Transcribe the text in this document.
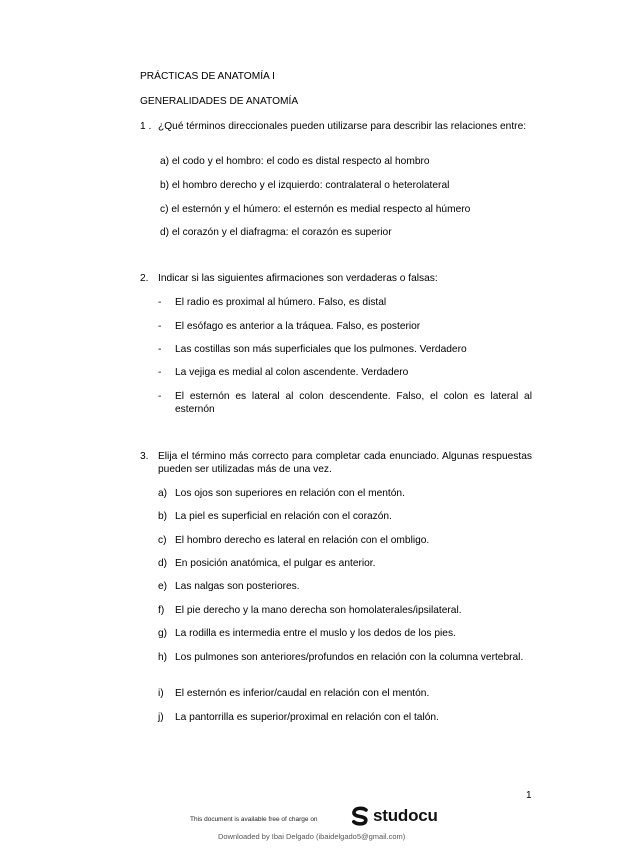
PRÁCTICAS DE ANATOMÍA I
GENERALIDADES DE ANATOMÍA
1 . ¿Qué términos direccionales pueden utilizarse para describir las relaciones entre:
a) el codo y el hombro: el codo es distal respecto al hombro
b) el hombro derecho y el izquierdo: contralateral o heterolateral
c) el esternón y el húmero: el esternón es medial respecto al húmero
d) el corazón y el diafragma: el corazón es superior
2. Indicar si las siguientes afirmaciones son verdaderas o falsas:
- El radio es proximal al húmero. Falso, es distal
- El esófago es anterior a la tráquea. Falso, es posterior
- Las costillas son más superficiales que los pulmones. Verdadero
- La vejiga es medial al colon ascendente. Verdadero
- El esternón es lateral al colon descendente. Falso, el colon es lateral al esternón
3. Elija el término más correcto para completar cada enunciado. Algunas respuestas pueden ser utilizadas más de una vez.
a) Los ojos son superiores en relación con el mentón.
b) La piel es superficial en relación con el corazón.
c) El hombro derecho es lateral en relación con el ombligo.
d) En posición anatómica, el pulgar es anterior.
e) Las nalgas son posteriores.
f) El pie derecho y la mano derecha son homolaterales/ipsilateral.
g) La rodilla es intermedia entre el muslo y los dedos de los pies.
h) Los pulmones son anteriores/profundos en relación con la columna vertebral.
i) El esternón es inferior/caudal en relación con el mentón.
j) La pantorrilla es superior/proximal en relación con el talón.
1
This document is available free of charge on	studocu
Downloaded by Ibai Delgado (ibaidelgado5@gmail.com)
